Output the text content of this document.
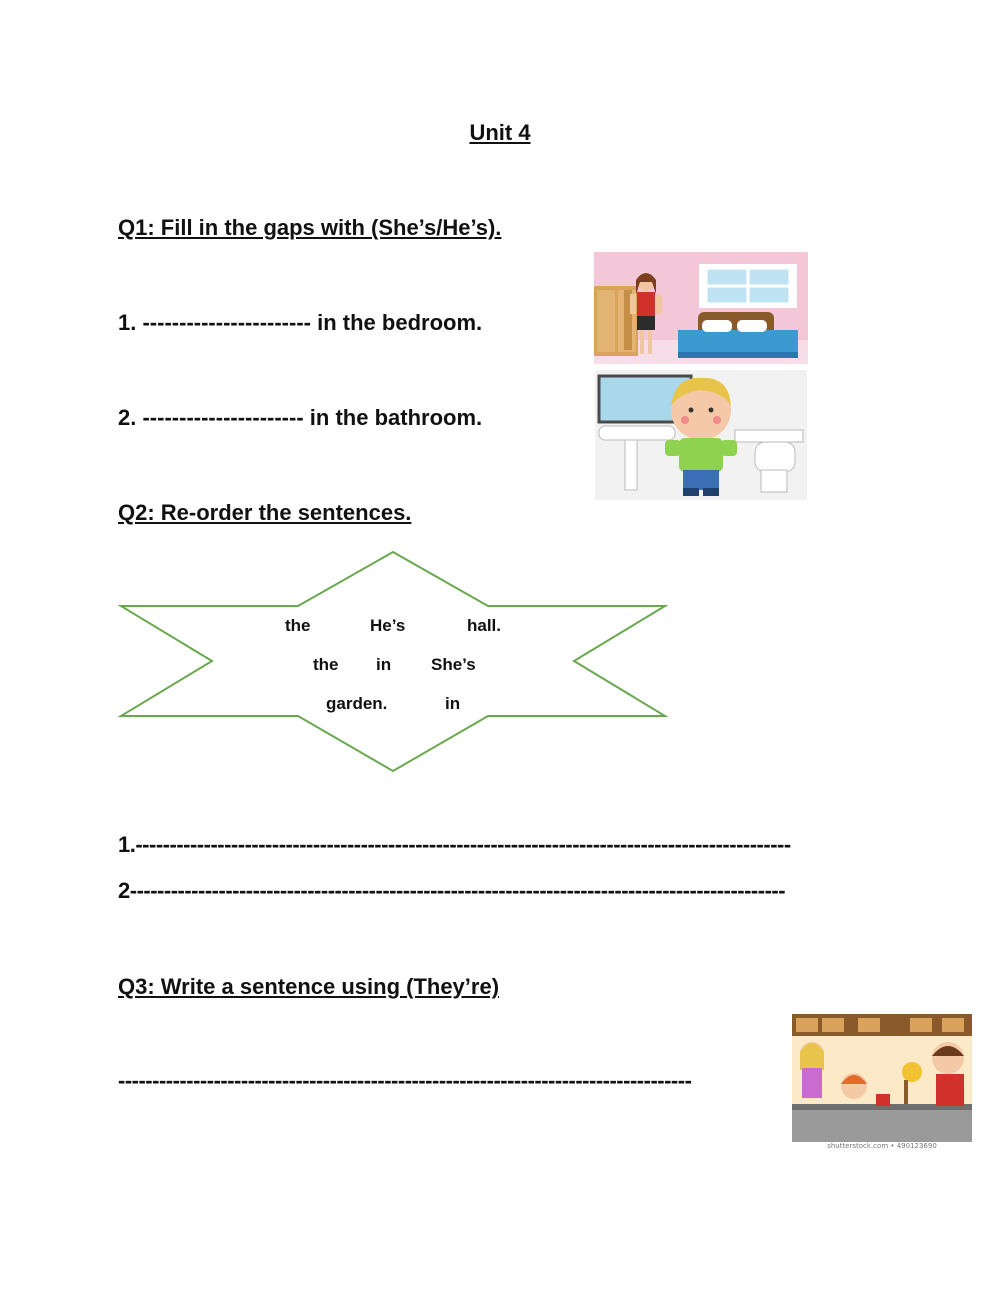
Unit 4
Q1: Fill in the gaps with (She’s/He’s).
1. ----------------------- in the bedroom.
2. ---------------------- in the bathroom.
Q2: Re-order the sentences.
the	He’s	hall.
the in She’s
garden.	in
1.------------------------------------------------------------------------------------------------
2------------------------------------------------------------------------------------------------
Q3: Write a sentence using (They’re)
------------------------------------------------------------------------------------
shutterstock.com • 490123690
